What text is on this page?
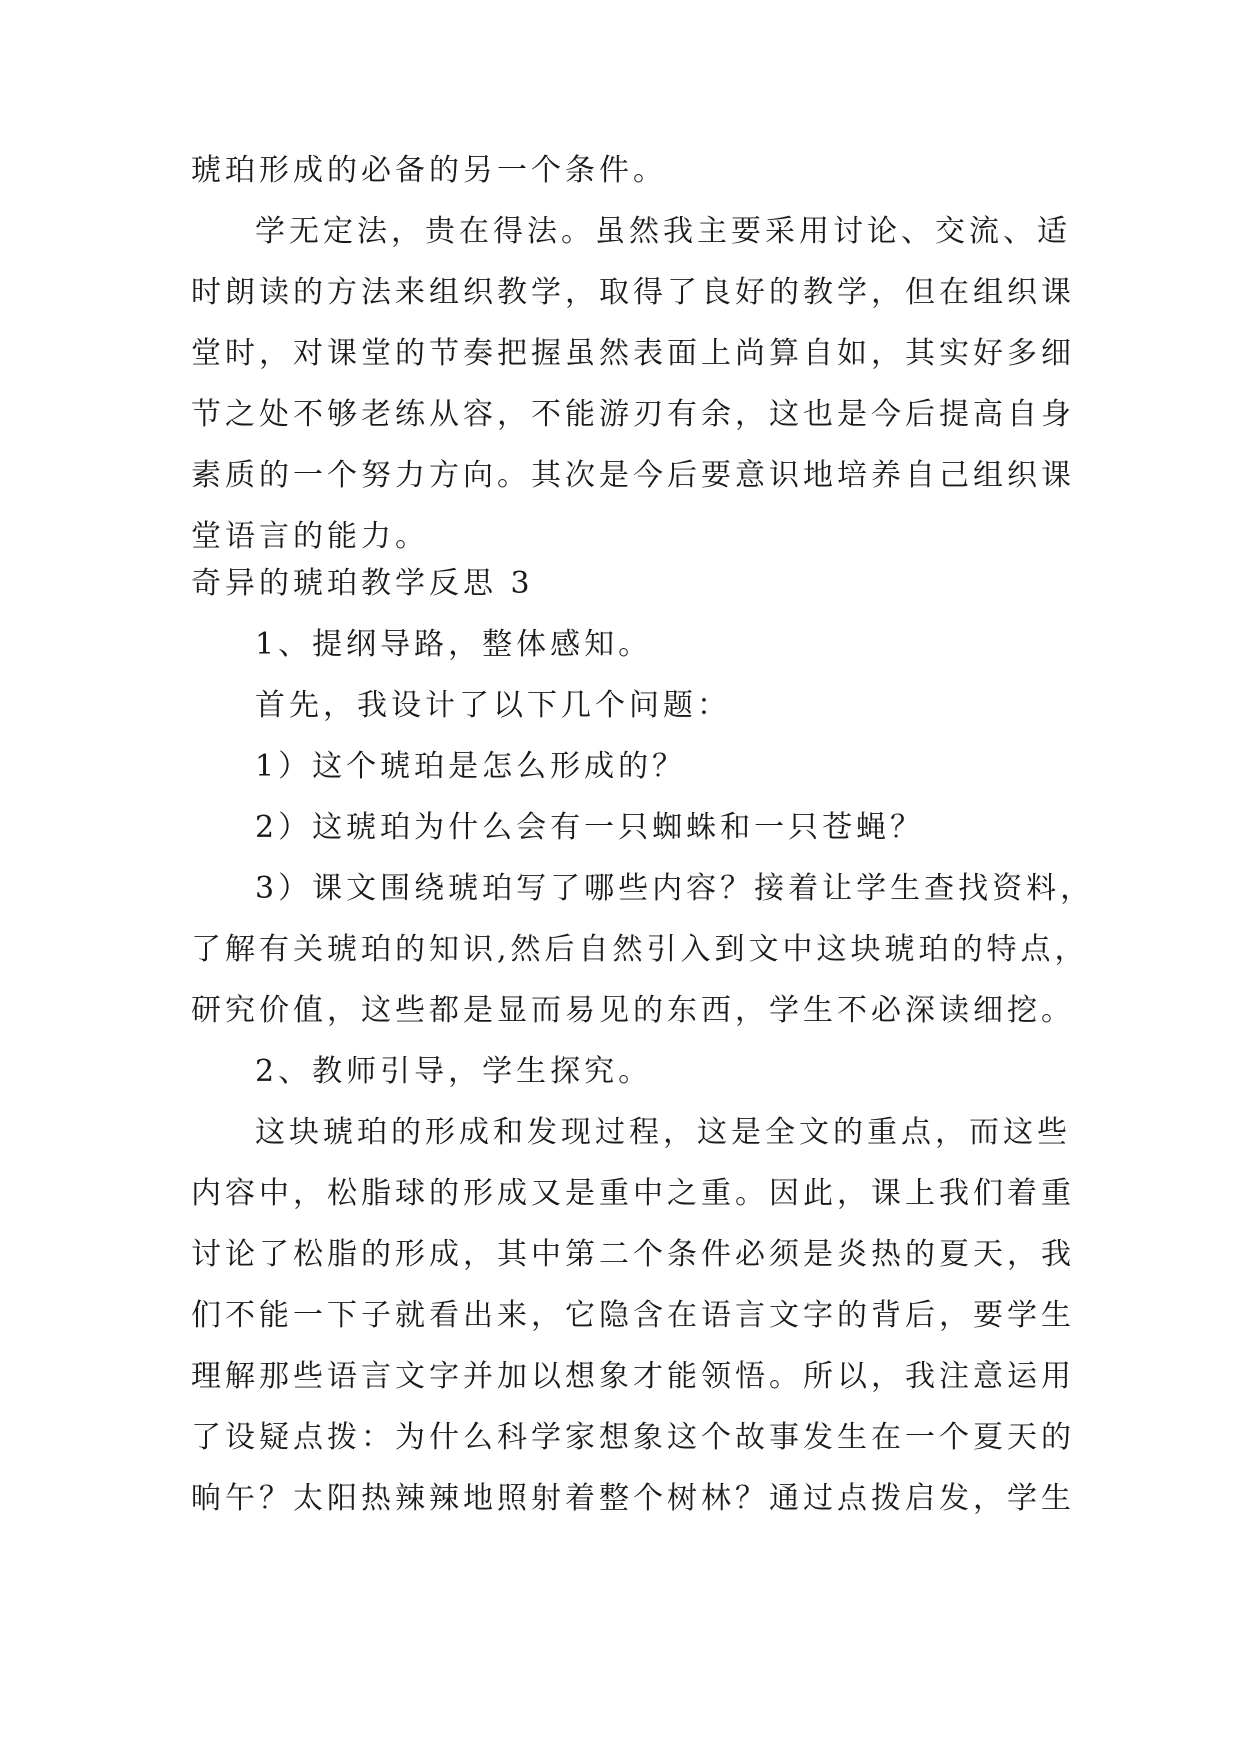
琥珀形成的必备的另一个条件。
学无定法，贵在得法。虽然我主要采用讨论、交流、适
时朗读的方法来组织教学，取得了良好的教学，但在组织课
堂时，对课堂的节奏把握虽然表面上尚算自如，其实好多细
节之处不够老练从容，不能游刃有余，这也是今后提高自身
素质的一个努力方向。其次是今后要意识地培养自己组织课
堂语言的能力。
奇异的琥珀教学反思 3
1、提纲导路，整体感知。
首先，我设计了以下几个问题：
1）这个琥珀是怎么形成的？
2）这琥珀为什么会有一只蜘蛛和一只苍蝇？
3）课文围绕琥珀写了哪些内容？接着让学生查找资料，
了解有关琥珀的知识,然后自然引入到文中这块琥珀的特点，
研究价值，这些都是显而易见的东西，学生不必深读细挖。
2、教师引导，学生探究。
这块琥珀的形成和发现过程，这是全文的重点，而这些
内容中，松脂球的形成又是重中之重。因此，课上我们着重
讨论了松脂的形成，其中第二个条件必须是炎热的夏天，我
们不能一下子就看出来，它隐含在语言文字的背后，要学生
理解那些语言文字并加以想象才能领悟。所以，我注意运用
了设疑点拨：为什么科学家想象这个故事发生在一个夏天的
晌午？太阳热辣辣地照射着整个树林？通过点拨启发，学生
